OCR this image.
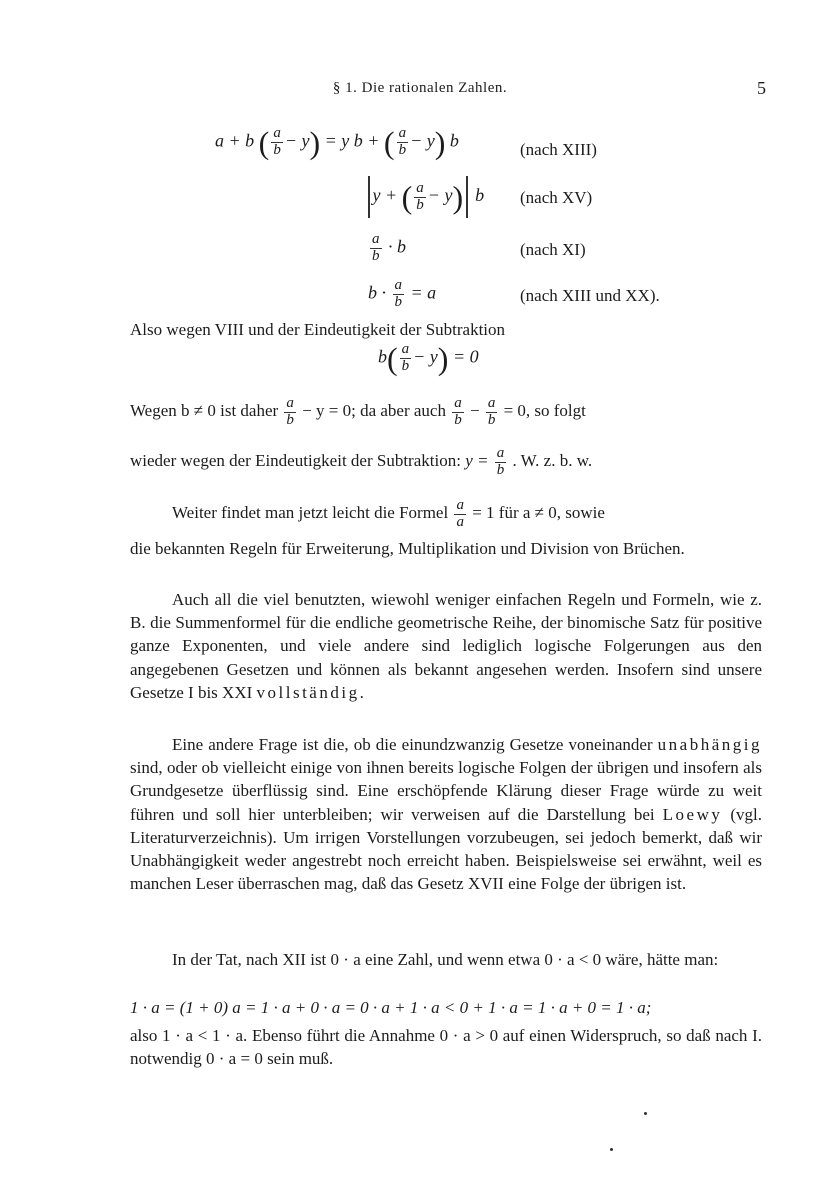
§ 1. Die rationalen Zahlen.	5
a + b ( $\frac{a}{b} - y) = y$ b + ( $\frac{a}{b} - y$) b	(nach XIII)
y + ( $\frac{a}{b} - y$) b (nach XV)
$\frac{a}{b} \cdot b$	(nach XI)
$b \cdot \frac{a}{b} = a$	(nach XIII und XX).
Also wegen VIII und der Eindeutigkeit der Subtraktion
$b( \frac{a}{b} - y) = 0$
Wegen b ≠ 0 ist daher $\frac{a}{b} - y = 0$; da aber auch $\frac{a}{b} - \frac{a}{b} = 0$, so folgt
wieder wegen der Eindeutigkeit der Subtraktion: $y = \frac{a}{b}$ . W. z. b. w.
Weiter findet man jetzt leicht die Formel $\frac{a}{a} = 1$ für a ≠ 0, sowie

die bekannten Regeln für Erweiterung, Multiplikation und Division von Brüchen.

Auch all die viel benutzten, wiewohl weniger einfachen Regeln und Formeln, wie z. B. die Summenformel für die endliche geometrische Reihe, der binomische Satz für positive ganze Exponenten, und viele andere sind lediglich logische Folgerungen aus den angegebenen Gesetzen und können als bekannt angesehen werden. Insofern sind unsere Gesetze I bis XXI vollständig.

Eine andere Frage ist die, ob die einundzwanzig Gesetze voneinander unabhängig sind, oder ob vielleicht einige von ihnen bereits logische Folgen der übrigen und insofern als Grundgesetze überflüssig sind. Eine erschöpfende Klärung dieser Frage würde zu weit führen und soll hier unterbleiben; wir verweisen auf die Darstellung bei Loewy (vgl. Literaturverzeichnis). Um irrigen Vorstellungen vorzubeugen, sei jedoch bemerkt, daß wir Unabhängigkeit weder angestrebt noch erreicht haben. Beispielsweise sei erwähnt, weil es manchen Leser überraschen mag, daß das Gesetz XVII eine Folge der übrigen ist.

In der Tat, nach XII ist 0 · a eine Zahl, und wenn etwa 0 · a < 0 wäre, hätte man:

1 · a = (1 + 0) a = 1 · a + 0 · a = 0 · a + 1 · a < 0 + 1 · a = 1 · a + 0 = 1 · a;

also 1 · a < 1 · a. Ebenso führt die Annahme 0 · a > 0 auf einen Widerspruch, so daß nach I. notwendig 0 · a = 0 sein muß.
